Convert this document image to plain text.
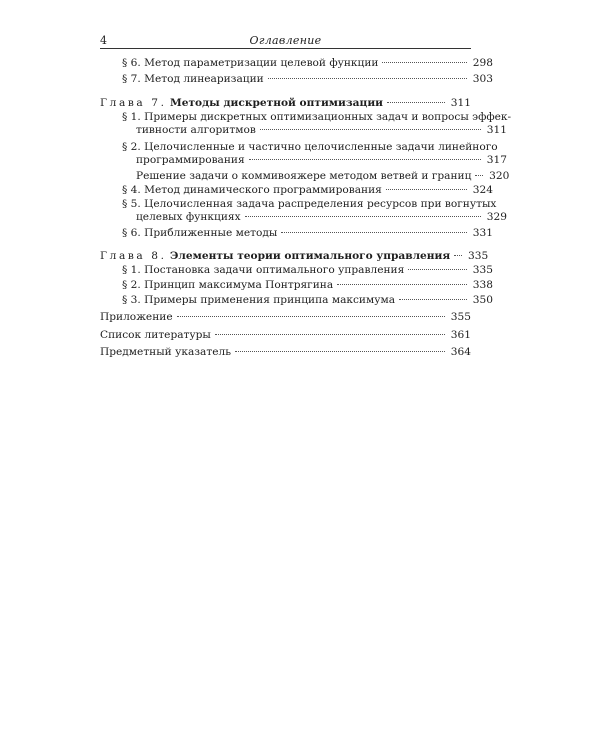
4	Оглавление
§ 6. Метод параметризации целевой функции	298
§ 7. Метод линеаризации	303
Глава 7. Методы дискретной оптимизации	311
§ 1. Примеры дискретных оптимизационных задач и вопросы эффек-
тивности алгоритмов	311
§ 2. Целочисленные и частично целочисленные задачи линейного
программирования	317
Решение задачи о коммивояжере методом ветвей и границ 320
§ 4. Метод динамического программирования	324
§ 5. Целочисленная задача распределения ресурсов при вогнутых
целевых функциях	329
§ 6. Приближенные методы	331
Глава 8. Элементы теории оптимального управления 335
§ 1. Постановка задачи оптимального управления	335
§ 2. Принцип максимума Понтрягина	338
§ 3. Примеры применения принципа максимума	350
Приложение	355
Список литературы	361
Предметный указатель	364
